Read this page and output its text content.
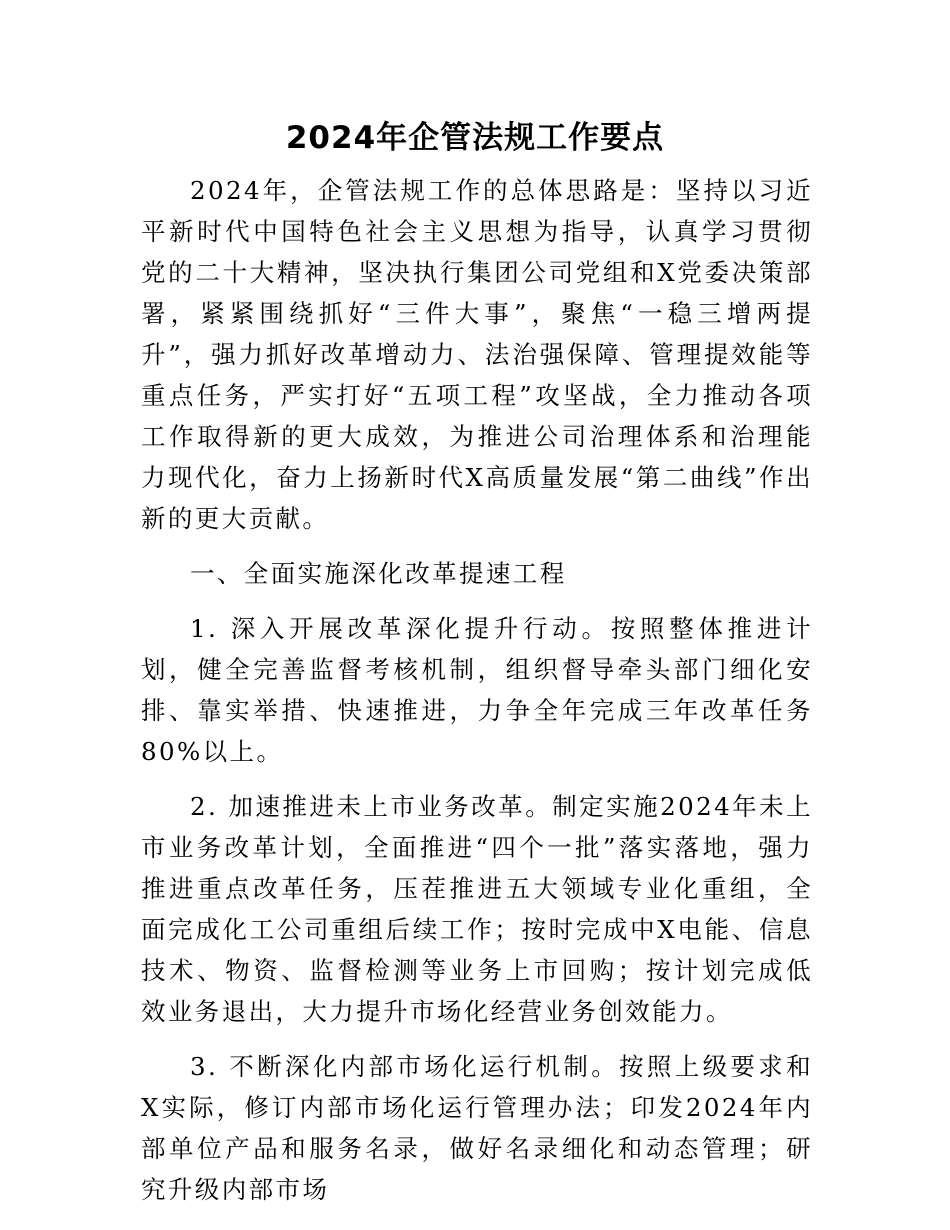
2024年企管法规工作要点

2024年，企管法规工作的总体思路是：坚持以习近平新时代中国特色社会主义思想为指导，认真学习贯彻党的二十大精神，坚决执行集团公司党组和X党委决策部署，紧紧围绕抓好“三件大事”，聚焦“一稳三增两提升”，强力抓好改革增动力、法治强保障、管理提效能等重点任务，严实打好“五项工程”攻坚战，全力推动各项工作取得新的更大成效，为推进公司治理体系和治理能力现代化，奋力上扬新时代X高质量发展“第二曲线”作出新的更大贡献。

一、全面实施深化改革提速工程

1. 深入开展改革深化提升行动。按照整体推进计划，健全完善监督考核机制，组织督导牵头部门细化安排、靠实举措、快速推进，力争全年完成三年改革任务80%以上。

2. 加速推进未上市业务改革。制定实施2024年未上市业务改革计划，全面推进“四个一批”落实落地，强力推进重点改革任务，压茬推进五大领域专业化重组，全面完成化工公司重组后续工作；按时完成中X电能、信息技术、物资、监督检测等业务上市回购；按计划完成低效业务退出，大力提升市场化经营业务创效能力。

3. 不断深化内部市场化运行机制。按照上级要求和X实际，修订内部市场化运行管理办法；印发2024年内部单位产品和服务名录，做好名录细化和动态管理；研究升级内部市场
